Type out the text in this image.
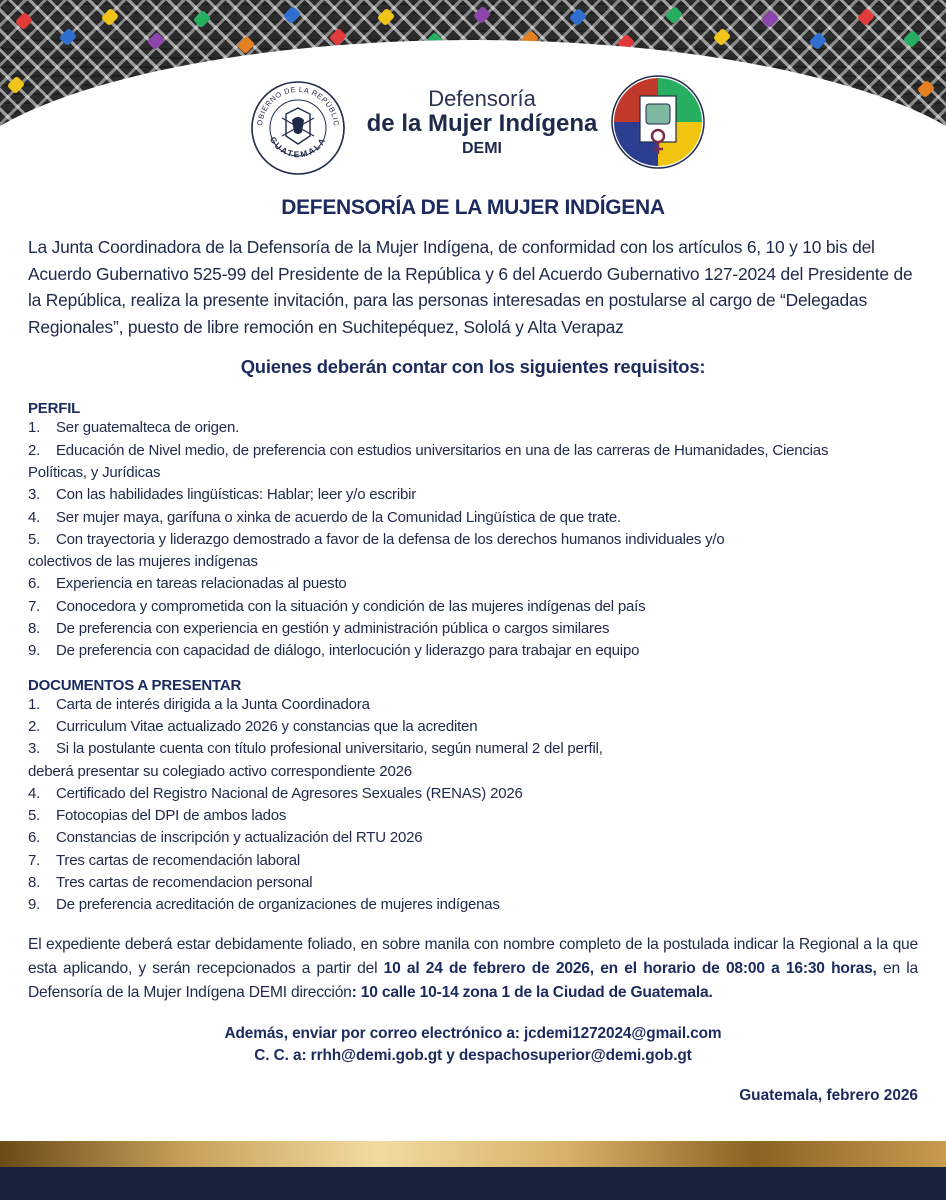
OBIERNO DE LA REPÚBLIC
GUATEMALA
Defensoría
de la Mujer Indígena
DEMI
DEFENSORÍA DE LA MUJER INDÍGENA

La Junta Coordinadora de la Defensoría de la Mujer Indígena, de conformidad con los artículos 6, 10 y 10 bis del Acuerdo Gubernativo 525-99 del Presidente de la República y 6 del Acuerdo Gubernativo 127-2024 del Presidente de la República, realiza la presente invitación, para las personas interesadas en postularse al cargo de “Delegadas Regionales”, puesto de libre remoción en Suchitepéquez, Sololá y Alta Verapaz

Quienes deberán contar con los siguientes requisitos:
PERFIL
1. Ser guatemalteca de origen.
2. Educación de Nivel medio, de preferencia con estudios universitarios en una de las carreras de Humanidades, Ciencias
Políticas, y Jurídicas
3. Con las habilidades lingüísticas: Hablar; leer y/o escribir
4. Ser mujer maya, garífuna o xinka de acuerdo de la Comunidad Lingüística de que trate.
5. Con trayectoria y liderazgo demostrado a favor de la defensa de los derechos humanos individuales y/o
colectivos de las mujeres indígenas
6. Experiencia en tareas relacionadas al puesto
7. Conocedora y comprometida con la situación y condición de las mujeres indígenas del país
8. De preferencia con experiencia en gestión y administración pública o cargos similares
9. De preferencia con capacidad de diálogo, interlocución y liderazgo para trabajar en equipo
DOCUMENTOS A PRESENTAR
1. Carta de interés dirigida a la Junta Coordinadora
2. Curriculum Vitae actualizado 2026 y constancias que la acrediten
3. Si la postulante cuenta con título profesional universitario, según numeral 2 del perfil,
deberá presentar su colegiado activo correspondiente 2026
4. Certificado del Registro Nacional de Agresores Sexuales (RENAS) 2026
5. Fotocopias del DPI de ambos lados
6. Constancias de inscripción y actualización del RTU 2026
7. Tres cartas de recomendación laboral
8. Tres cartas de recomendacion personal
9. De preferencia acreditación de organizaciones de mujeres indígenas

El expediente deberá estar debidamente foliado, en sobre manila con nombre completo de la postulada indicar la Regional a la que esta aplicando, y serán recepcionados a partir del 10 al 24 de febrero de 2026, en el horario de 08:00 a 16:30 horas, en la Defensoría de la Mujer Indígena DEMI dirección: 10 calle 10-14 zona 1 de la Ciudad de Guatemala.

Además, enviar por correo electrónico a: jcdemi1272024@gmail.com
C. C. a: rrhh@demi.gob.gt y despachosuperior@demi.gob.gt
Guatemala, febrero 2026
